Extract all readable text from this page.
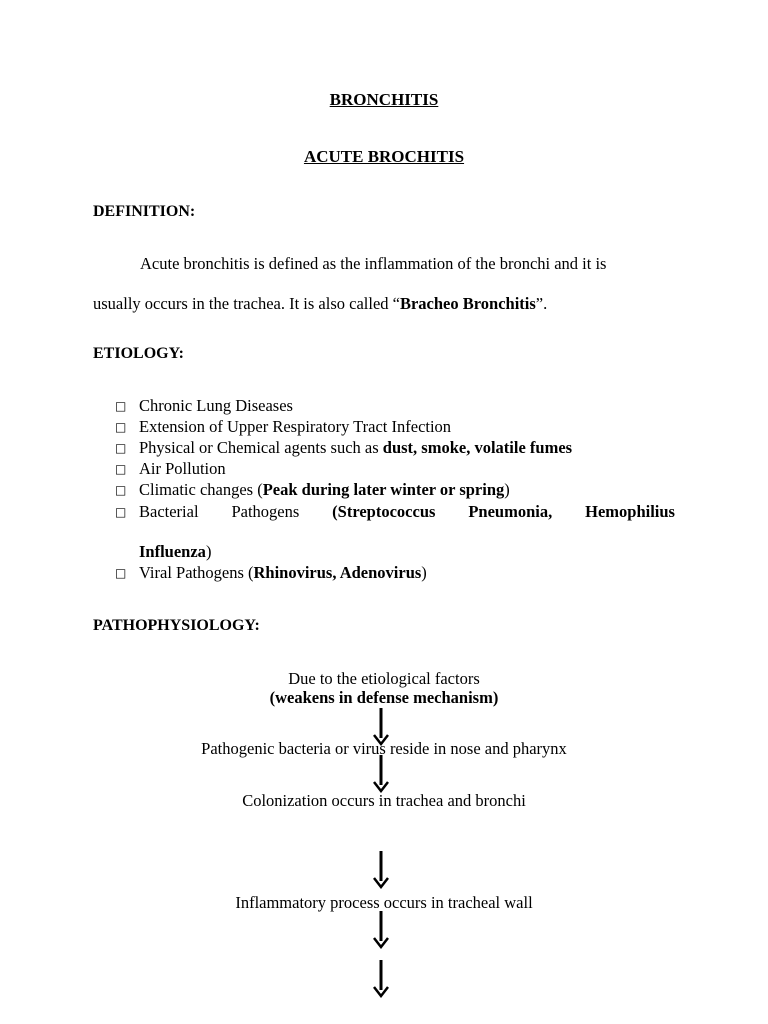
BRONCHITIS
ACUTE BROCHITIS
DEFINITION:
Acute bronchitis is defined as the inflammation of the bronchi and it is
usually occurs in the trachea. It is also called “Bracheo Bronchitis”.
ETIOLOGY:
□ Chronic Lung Diseases
□ Extension of Upper Respiratory Tract Infection
□ Physical or Chemical agents such as dust, smoke, volatile fumes
□ Air Pollution
□ Climatic changes (Peak during later winter or spring)
□ Bacterial Pathogens (Streptococcus Pneumonia, Hemophilius
Influenza)
□ Viral Pathogens (Rhinovirus, Adenovirus)
PATHOPHYSIOLOGY:
Due to the etiological factors
(weakens in defense mechanism)
Pathogenic bacteria or virus reside in nose and pharynx
Colonization occurs in trachea and bronchi
Inflammatory process occurs in tracheal wall
